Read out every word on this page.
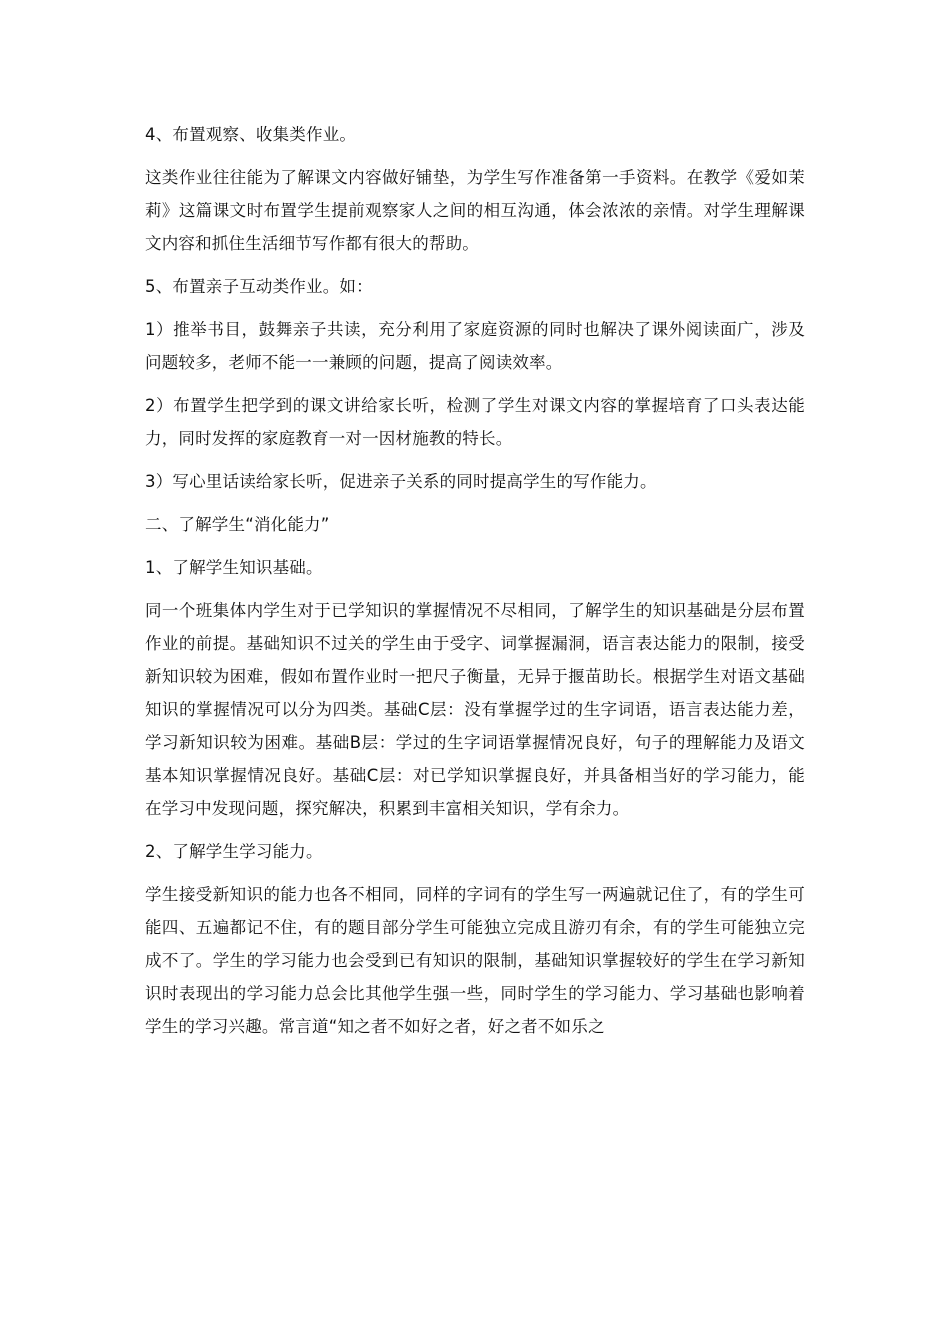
4、布置观察、收集类作业。

这类作业往往能为了解课文内容做好铺垫，为学生写作准备第一手资料。在教学《爱如茉莉》这篇课文时布置学生提前观察家人之间的相互沟通，体会浓浓的亲情。对学生理解课文内容和抓住生活细节写作都有很大的帮助。

5、布置亲子互动类作业。如：

1）推举书目，鼓舞亲子共读，充分利用了家庭资源的同时也解决了课外阅读面广，涉及问题较多，老师不能一一兼顾的问题，提高了阅读效率。

2）布置学生把学到的课文讲给家长听，检测了学生对课文内容的掌握培育了口头表达能力，同时发挥的家庭教育一对一因材施教的特长。

3）写心里话读给家长听，促进亲子关系的同时提高学生的写作能力。

二、了解学生“消化能力”

1、了解学生知识基础。

同一个班集体内学生对于已学知识的掌握情况不尽相同，了解学生的知识基础是分层布置作业的前提。基础知识不过关的学生由于受字、词掌握漏洞，语言表达能力的限制，接受新知识较为困难，假如布置作业时一把尺子衡量，无异于揠苗助长。根据学生对语文基础知识的掌握情况可以分为四类。基础C层：没有掌握学过的生字词语，语言表达能力差，学习新知识较为困难。基础B层：学过的生字词语掌握情况良好，句子的理解能力及语文基本知识掌握情况良好。基础C层：对已学知识掌握良好，并具备相当好的学习能力，能在学习中发现问题，探究解决，积累到丰富相关知识，学有余力。

2、了解学生学习能力。

学生接受新知识的能力也各不相同，同样的字词有的学生写一两遍就记住了，有的学生可能四、五遍都记不住，有的题目部分学生可能独立完成且游刃有余，有的学生可能独立完成不了。学生的学习能力也会受到已有知识的限制，基础知识掌握较好的学生在学习新知识时表现出的学习能力总会比其他学生强一些，同时学生的学习能力、学习基础也影响着学生的学习兴趣。常言道“知之者不如好之者，好之者不如乐之
